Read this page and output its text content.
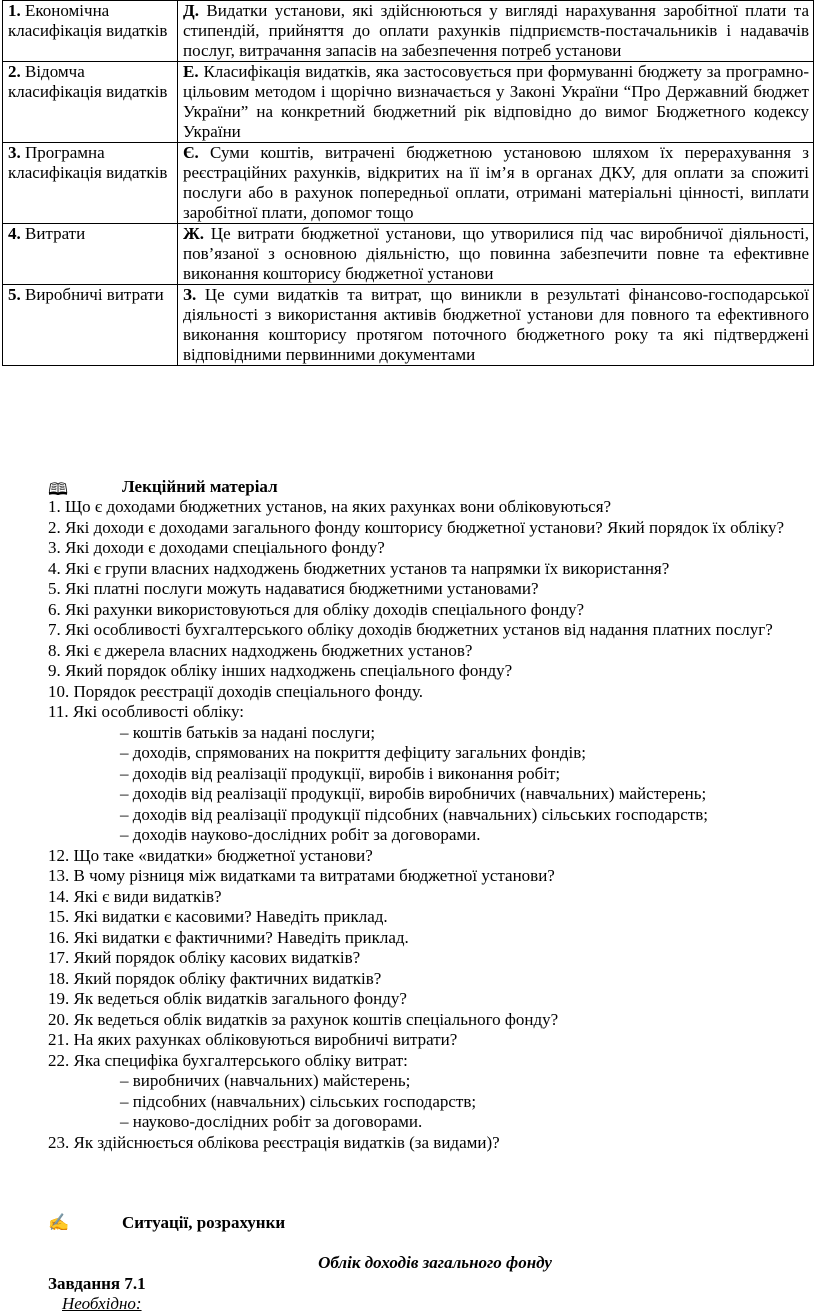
1. Економічна класифікація видатків	Д. Видатки установи, які здійснюються у вигляді нарахування заробітної плати та стипендій, прийняття до оплати рахунків підприємств-постачальників і надавачів послуг, витрачання запасів на забезпечення потреб установи
2. Відомча класифікація видатків	Е. Класифікація видатків, яка застосовується при формуванні бюджету за програмно-цільовим методом і щорічно визначається у Законі України “Про Державний бюджет України” на конкретний бюджетний рік відповідно до вимог Бюджетного кодексу України
3. Програмна класифікація видатків	Є. Суми коштів, витрачені бюджетною установою шляхом їх перерахування з реєстраційних рахунків, відкритих на її ім’я в органах ДКУ, для оплати за спожиті послуги або в рахунок попередньої оплати, отримані матеріальні цінності, виплати заробітної плати, допомог тощо
4. Витрати	Ж. Це витрати бюджетної установи, що утворилися під час виробничої діяльності, пов’язаної з основною діяльністю, що повинна забезпечити повне та ефективне виконання кошторису бюджетної установи
5. Виробничі витрати	З. Це суми видатків та витрат, що виникли в результаті фінансово-господарської діяльності з використання активів бюджетної установи для повного та ефективного виконання кошторису протягом поточного бюджетного року та які підтверджені відповідними первинними документами
🕮	Лекційний матеріал

1. Що є доходами бюджетних установ, на яких рахунках вони обліковуються?

2. Які доходи є доходами загального фонду кошторису бюджетної установи? Який порядок їх обліку?

3. Які доходи є доходами спеціального фонду?

4. Які є групи власних надходжень бюджетних установ та напрямки їх використання?

5. Які платні послуги можуть надаватися бюджетними установами?

6. Які рахунки використовуються для обліку доходів спеціального фонду?

7. Які особливості бухгалтерського обліку доходів бюджетних установ від надання платних послуг?

8. Які є джерела власних надходжень бюджетних установ?

9. Який порядок обліку інших надходжень спеціального фонду?

10. Порядок реєстрації доходів спеціального фонду.

11. Які особливості обліку:

– коштів батьків за надані послуги;

– доходів, спрямованих на покриття дефіциту загальних фондів;

– доходів від реалізації продукції, виробів і виконання робіт;

– доходів від реалізації продукції, виробів виробничих (навчальних) майстерень;

– доходів від реалізації продукції підсобних (навчальних) сільських господарств;

– доходів науково-дослідних робіт за договорами.

12. Що таке «видатки» бюджетної установи?

13. В чому різниця між видатками та витратами бюджетної установи?

14. Які є види видатків?

15. Які видатки є касовими? Наведіть приклад.

16. Які видатки є фактичними? Наведіть приклад.

17. Який порядок обліку касових видатків?

18. Який порядок обліку фактичних видатків?

19. Як ведеться облік видатків загального фонду?

20. Як ведеться облік видатків за рахунок коштів спеціального фонду?

21. На яких рахунках обліковуються виробничі витрати?

22. Яка специфіка бухгалтерського обліку витрат:

– виробничих (навчальних) майстерень;

– підсобних (навчальних) сільських господарств;

– науково-дослідних робіт за договорами.

23. Як здійснюється облікова реєстрація видатків (за видами)?

✍	Ситуації, розрахунки
Облік доходів загального фонду
Завдання 7.1
Необхідно:
